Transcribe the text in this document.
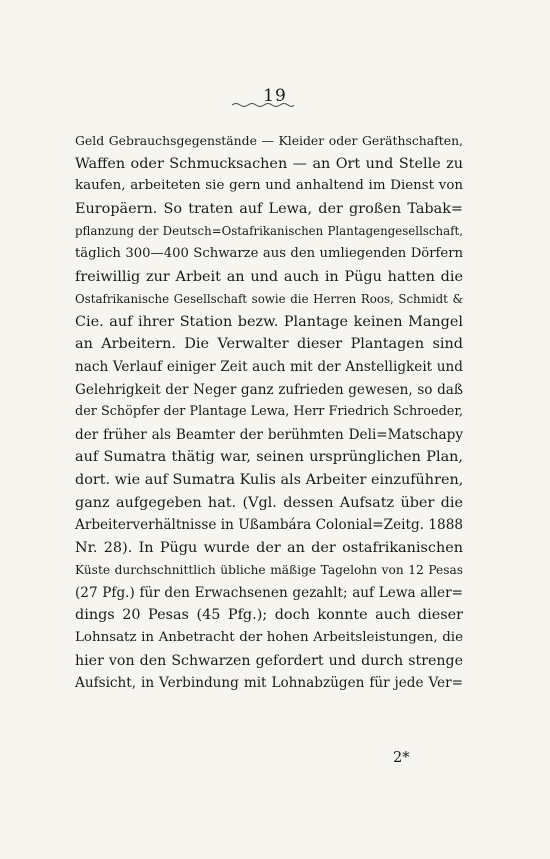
19
Geld Gebrauchsgegenstände — Kleider oder Geräthschaften,
Waffen oder Schmucksachen — an Ort und Stelle zu
kaufen, arbeiteten sie gern und anhaltend im Dienst von
Europäern. So traten auf Lewa, der großen Tabak=
pflanzung der Deutsch=Ostafrikanischen Plantagengesellschaft,
täglich 300—400 Schwarze aus den umliegenden Dörfern
freiwillig zur Arbeit an und auch in Pügu hatten die
Ostafrikanische Gesellschaft sowie die Herren Roos, Schmidt &
Cie. auf ihrer Station bezw. Plantage keinen Mangel
an Arbeitern. Die Verwalter dieser Plantagen sind
nach Verlauf einiger Zeit auch mit der Anstelligkeit und
Gelehrigkeit der Neger ganz zufrieden gewesen, so daß
der Schöpfer der Plantage Lewa, Herr Friedrich Schroeder,
der früher als Beamter der berühmten Deli=Matschapy
auf Sumatra thätig war, seinen ursprünglichen Plan,
dort. wie auf Sumatra Kulis als Arbeiter einzuführen,
ganz aufgegeben hat. (Vgl. dessen Aufsatz über die
Arbeiterverhältnisse in Ußambára Colonial=Zeitg. 1888
Nr. 28). In Pügu wurde der an der ostafrikanischen
Küste durchschnittlich übliche mäßige Tagelohn von 12 Pesas
(27 Pfg.) für den Erwachsenen gezahlt; auf Lewa aller=
dings 20 Pesas (45 Pfg.); doch konnte auch dieser
Lohnsatz in Anbetracht der hohen Arbeitsleistungen, die
hier von den Schwarzen gefordert und durch strenge
Aufsicht, in Verbindung mit Lohnabzügen für jede Ver=
2*
